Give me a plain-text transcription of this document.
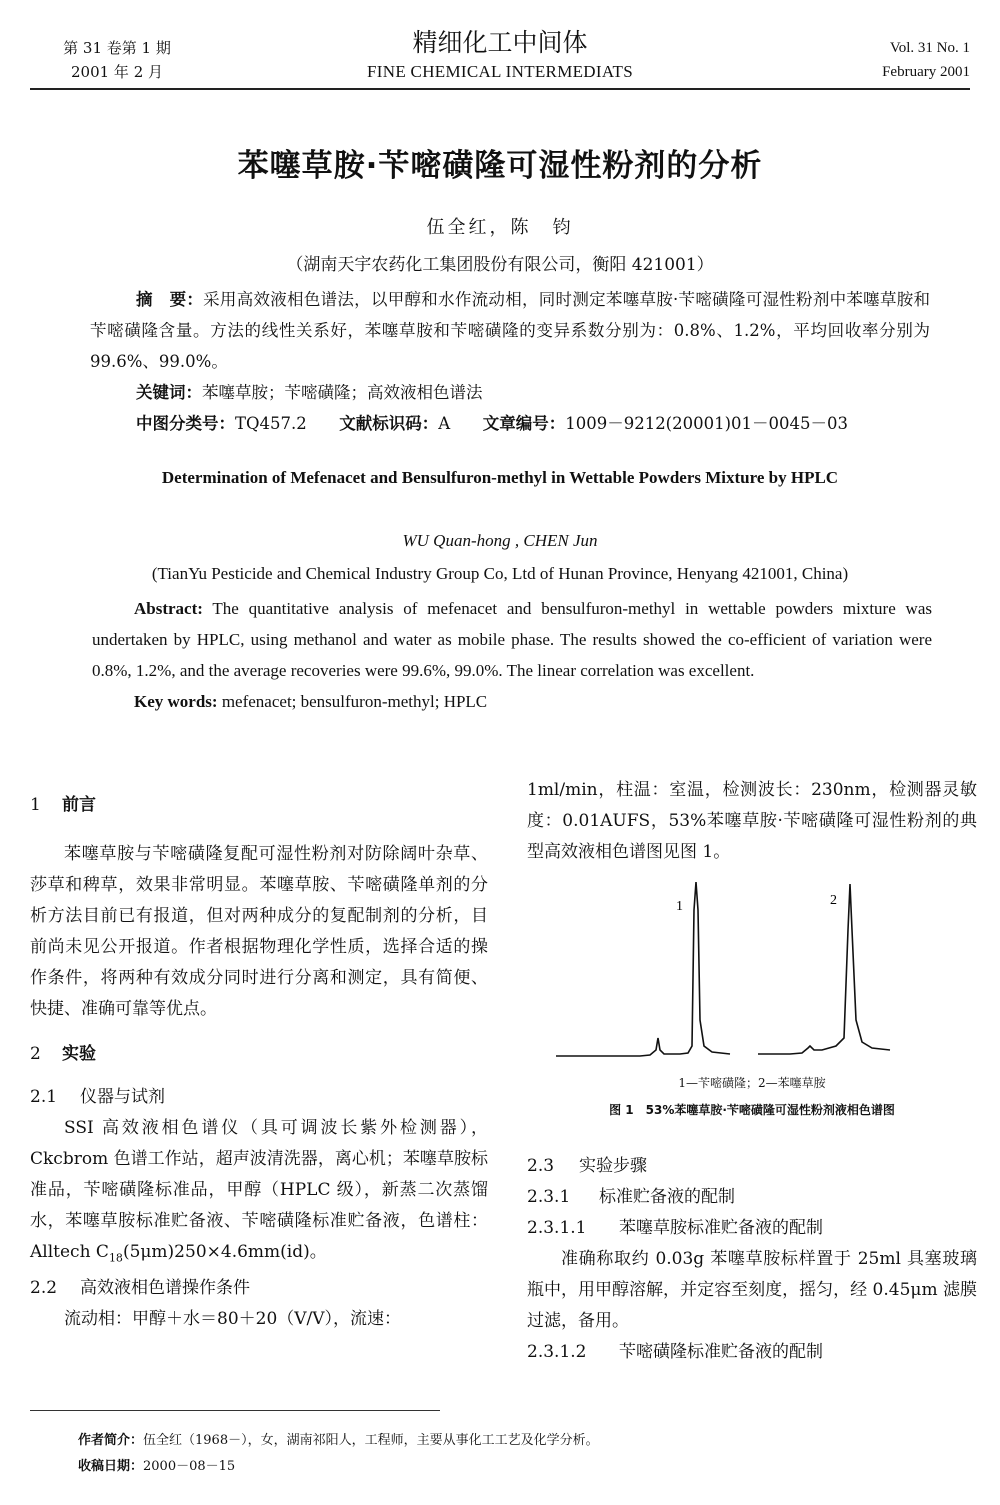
第 31 卷第 1 期
2001 年 2 月
精细化工中间体
FINE CHEMICAL INTERMEDIATS
Vol. 31 No. 1
February 2001
苯噻草胺·苄嘧磺隆可湿性粉剂的分析
伍全红，陈　钧
（湖南天宇农药化工集团股份有限公司，衡阳 421001）

摘　要：采用高效液相色谱法，以甲醇和水作流动相，同时测定苯噻草胺·苄嘧磺隆可湿性粉剂中苯噻草胺和苄嘧磺隆含量。方法的线性关系好，苯噻草胺和苄嘧磺隆的变异系数分别为：0.8%、1.2%，平均回收率分别为 99.6%、99.0%。

关键词：苯噻草胺；苄嘧磺隆；高效液相色谱法

中图分类号：TQ457.2 文献标识码：A 文章编号：1009－9212(20001)01－0045－03

Determination of Mefenacet and Bensulfuron-methyl in Wettable Powders Mixture by HPLC
WU Quan-hong , CHEN Jun
(TianYu Pesticide and Chemical Industry Group Co, Ltd of Hunan Province, Henyang 421001, China)

Abstract: The quantitative analysis of mefenacet and bensulfuron-methyl in wettable powders mixture was undertaken by HPLC, using methanol and water as mobile phase. The results showed the co-efficient of variation were 0.8%, 1.2%, and the average recoveries were 99.6%, 99.0%. The linear correlation was excellent.

Key words: mefenacet; bensulfuron-methyl; HPLC

1 前言

苯噻草胺与苄嘧磺隆复配可湿性粉剂对防除阔叶杂草、莎草和稗草，效果非常明显。苯噻草胺、苄嘧磺隆单剂的分析方法目前已有报道，但对两种成分的复配制剂的分析，目前尚未见公开报道。作者根据物理化学性质，选择合适的操作条件，将两种有效成分同时进行分离和测定，具有简便、快捷、准确可靠等优点。

2 实验

2.1 仪器与试剂

SSI 高效液相色谱仪（具可调波长紫外检测器），Ckcbrom 色谱工作站，超声波清洗器，离心机；苯噻草胺标准品，苄嘧磺隆标准品，甲醇（HPLC 级），新蒸二次蒸馏水，苯噻草胺标准贮备液、苄嘧磺隆标准贮备液，色谱柱：Alltech $C_{18}(5\mu m)250\times 4.6mm(id)$。

2.2 高效液相色谱操作条件

流动相：甲醇＋水＝80＋20（V/V），流速：

1ml/min，柱温：室温，检测波长：230nm，检测器灵敏度：0.01AUFS，53%苯噻草胺·苄嘧磺隆可湿性粉剂的典型高效液相色谱图见图 1。

1	2
1—苄嘧磺隆；2—苯噻草胺
图 1　53%苯噻草胺·苄嘧磺隆可湿性粉剂液相色谱图

2.3 实验步骤

2.3.1 标准贮备液的配制

2.3.1.1 苯噻草胺标准贮备液的配制

准确称取约 0.03g 苯噻草胺标样置于 25ml 具塞玻璃瓶中，用甲醇溶解，并定容至刻度，摇匀，经 0.45μm 滤膜过滤，备用。

2.3.1.2 苄嘧磺隆标准贮备液的配制

作者简介：伍全红（1968－），女，湖南祁阳人，工程师，主要从事化工工艺及化学分析。
收稿日期：2000－08－15
